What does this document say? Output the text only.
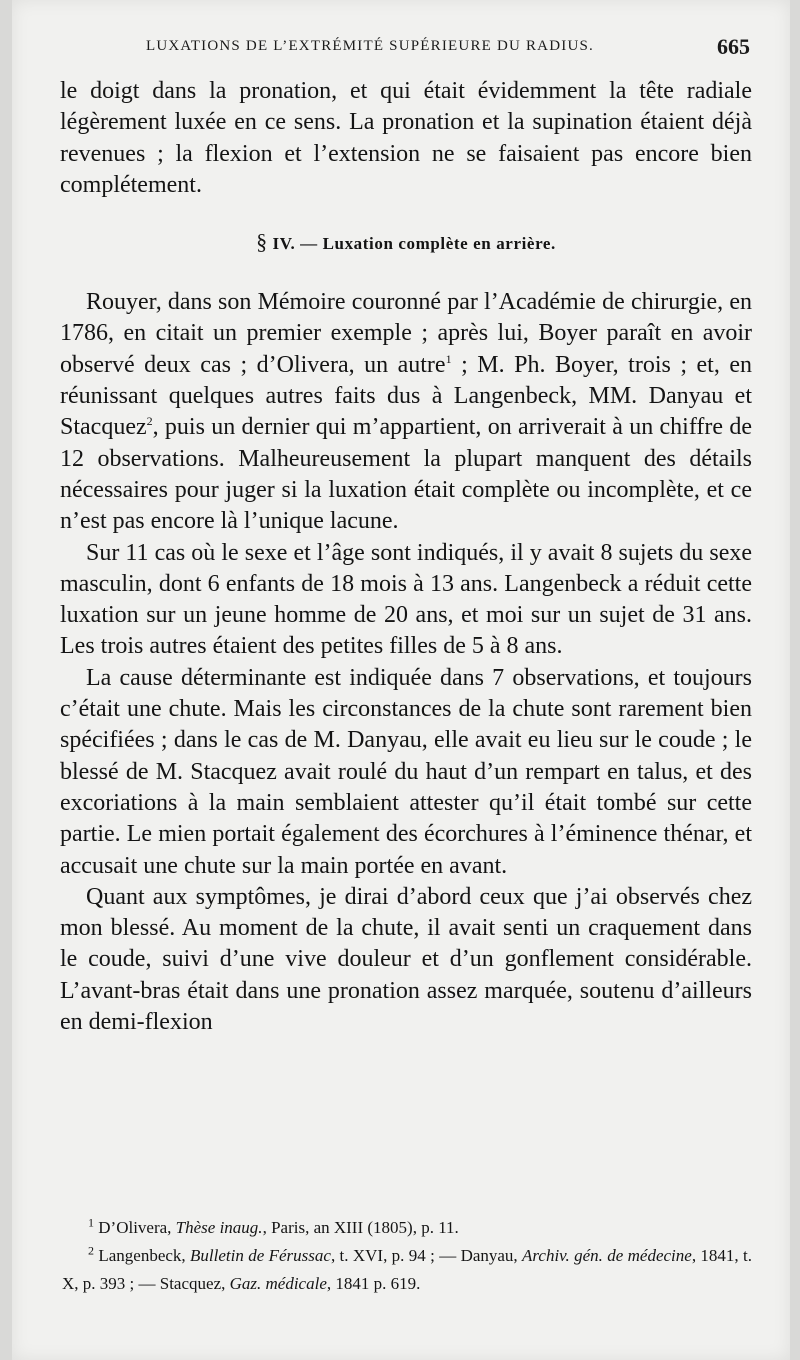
LUXATIONS DE L’EXTRÉMITÉ SUPÉRIEURE DU RADIUS.	665

le doigt dans la pronation, et qui était évidemment la tête radiale légèrement luxée en ce sens. La pronation et la supination étaient déjà revenues ; la flexion et l’extension ne se faisaient pas encore bien complétement.

§ IV. — Luxation complète en arrière.

Rouyer, dans son Mémoire couronné par l’Académie de chirurgie, en 1786, en citait un premier exemple ; après lui, Boyer paraît en avoir observé deux cas ; d’Olivera, un autre$^1$ ; M. Ph. Boyer, trois ; et, en réunissant quelques autres faits dus à Langenbeck, MM. Danyau et Stacquez$^2$, puis un dernier qui m’appartient, on arriverait à un chiffre de 12 observations. Malheureusement la plupart manquent des détails nécessaires pour juger si la luxation était complète ou incomplète, et ce n’est pas encore là l’unique lacune.

Sur 11 cas où le sexe et l’âge sont indiqués, il y avait 8 sujets du sexe masculin, dont 6 enfants de 18 mois à 13 ans. Langenbeck a réduit cette luxation sur un jeune homme de 20 ans, et moi sur un sujet de 31 ans. Les trois autres étaient des petites filles de 5 à 8 ans.

La cause déterminante est indiquée dans 7 observations, et toujours c’était une chute. Mais les circonstances de la chute sont rarement bien spécifiées ; dans le cas de M. Danyau, elle avait eu lieu sur le coude ; le blessé de M. Stacquez avait roulé du haut d’un rempart en talus, et des excoriations à la main semblaient attester qu’il était tombé sur cette partie. Le mien portait également des écorchures à l’éminence thénar, et accusait une chute sur la main portée en avant.

Quant aux symptômes, je dirai d’abord ceux que j’ai observés chez mon blessé. Au moment de la chute, il avait senti un craquement dans le coude, suivi d’une vive douleur et d’un gonflement considérable. L’avant-bras était dans une pronation assez marquée, soutenu d’ailleurs en demi-flexion

$^1$ D’Olivera, Thèse inaug., Paris, an XIII (1805), p. 11.

$^2$ Langenbeck, Bulletin de Férussac, t. XVI, p. 94 ; — Danyau, Archiv. gén. de médecine, 1841, t. X, p. 393 ; — Stacquez, Gaz. médicale, 1841 p. 619.
